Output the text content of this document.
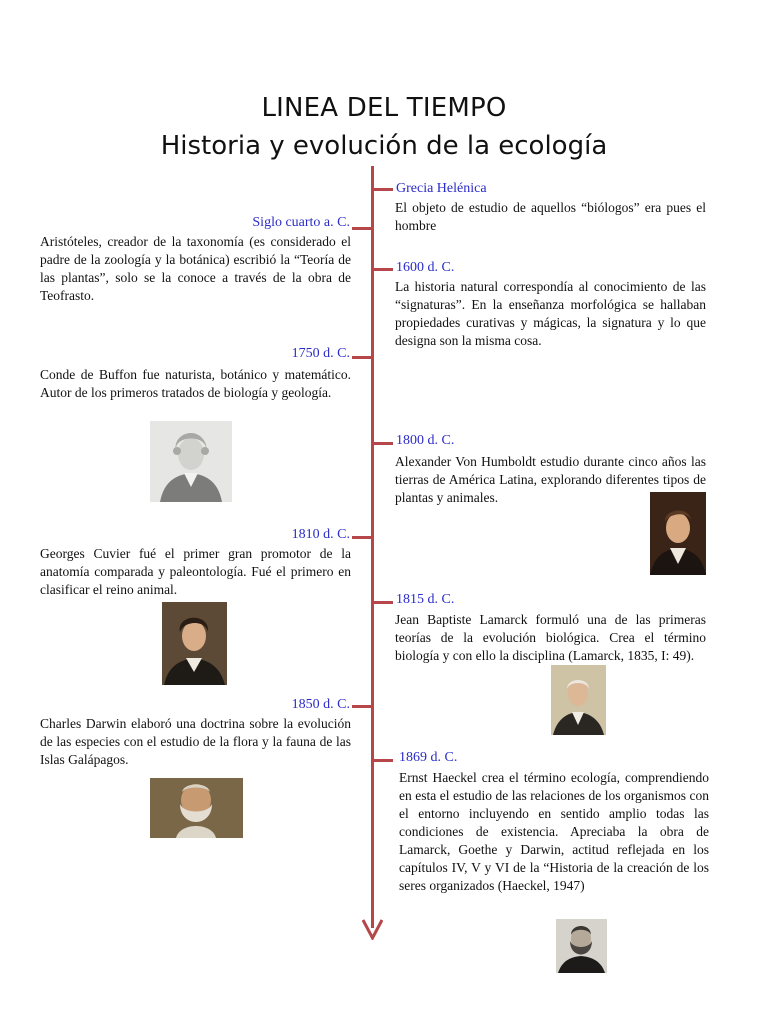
LINEA DEL TIEMPO
Historia y evolución de la ecología
Grecia Helénica

El objeto de estudio de aquellos “biólogos” era pues el hombre

Siglo cuarto a. C.

Aristóteles, creador de la taxonomía (es considerado el padre de la zoología y la botánica) escribió la “Teoría de las plantas”, solo se la conoce a través de la obra de Teofrasto.

1600 d. C.

La historia natural correspondía al conocimiento de las “signaturas”. En la enseñanza morfológica se hallaban propiedades curativas y mágicas, la signatura y lo que designa son la misma cosa.

1750 d. C.

Conde de Buffon fue naturista, botánico y matemático. Autor de los primeros tratados de biología y geología.

1800 d. C.

Alexander Von Humboldt estudio durante cinco años las tierras de América Latina, explorando diferentes tipos de plantas y animales.

1810 d. C.

Georges Cuvier fué el primer gran promotor de la anatomía comparada y paleontología. Fué el primero en clasificar el reino animal.

1815 d. C.

Jean Baptiste Lamarck formuló una de las primeras teorías de la evolución biológica. Crea el término biología y con ello la disciplina (Lamarck, 1835, I: 49).

1850 d. C.

Charles Darwin elaboró una doctrina sobre la evolución de las especies con el estudio de la flora y la fauna de las Islas Galápagos.	1869 d. C.

Ernst Haeckel crea el término ecología, comprendiendo en esta el estudio de las relaciones de los organismos con el entorno incluyendo en sentido amplio todas las condiciones de existencia. Apreciaba la obra de Lamarck, Goethe y Darwin, actitud reflejada en los capítulos IV, V y VI de la “Historia de la creación de los seres organizados (Haeckel, 1947)
